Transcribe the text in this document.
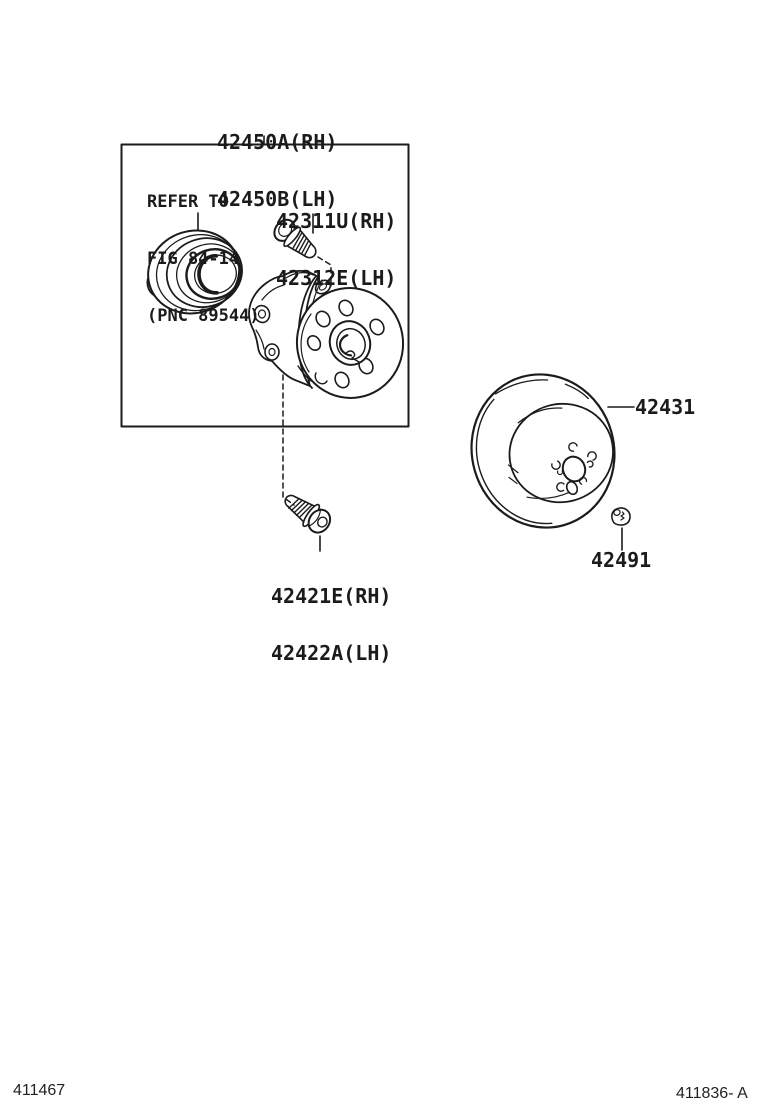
42450A(RH)

42450B(LH)

REFER TO

FIG 84-14

(PNC 89544)

42311U(RH)

42312E(LH)

42421E(RH)

42422A(LH)

42431
42491
411467	411836- A
